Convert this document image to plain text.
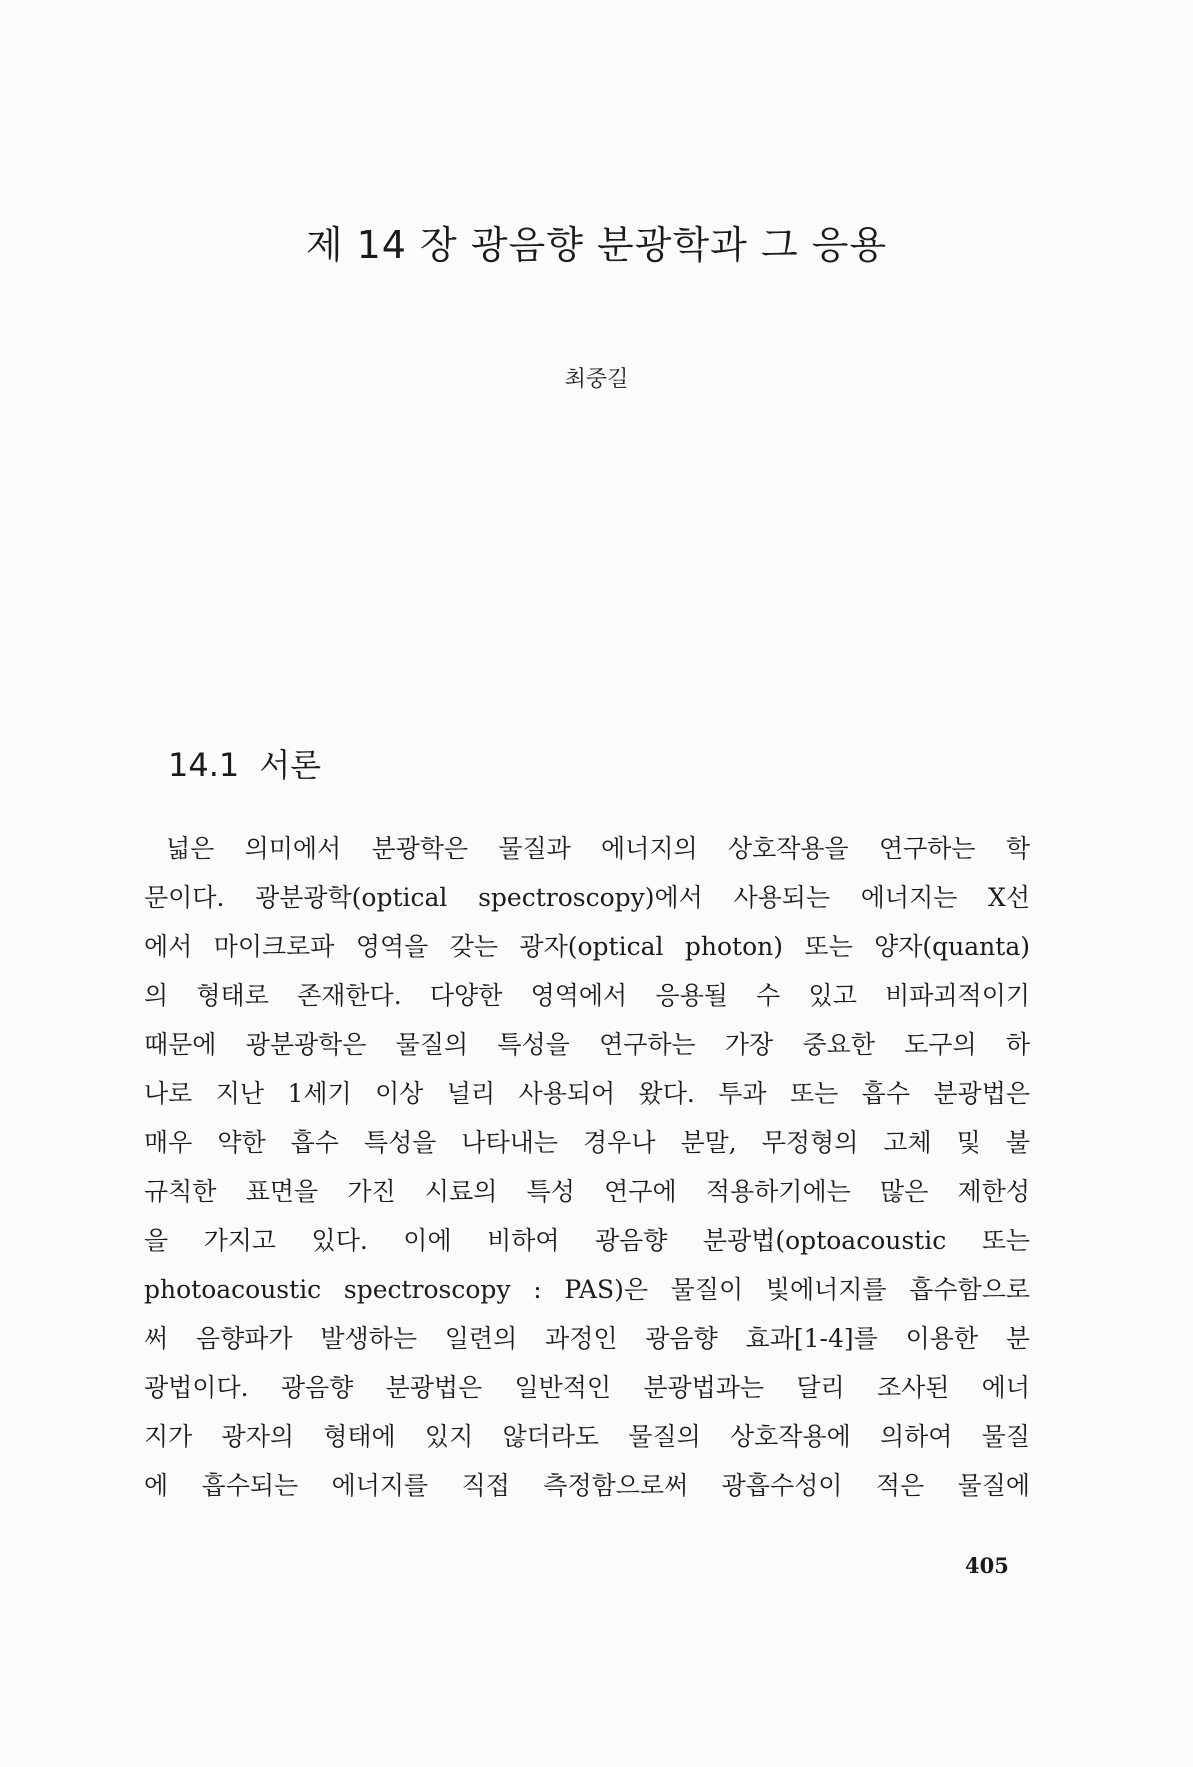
제 14 장 광음향 분광학과 그 응용

최중길

14.1 서론
넓은 의미에서 분광학은 물질과 에너지의 상호작용을 연구하는 학
문이다. 광분광학(optical spectroscopy)에서 사용되는 에너지는 X선
에서 마이크로파 영역을 갖는 광자(optical photon) 또는 양자(quanta)
의 형태로 존재한다. 다양한 영역에서 응용될 수 있고 비파괴적이기
때문에 광분광학은 물질의 특성을 연구하는 가장 중요한 도구의 하
나로 지난 1세기 이상 널리 사용되어 왔다. 투과 또는 흡수 분광법은
매우 약한 흡수 특성을 나타내는 경우나 분말, 무정형의 고체 및 불
규칙한 표면을 가진 시료의 특성 연구에 적용하기에는 많은 제한성
을 가지고 있다. 이에 비하여 광음향 분광법(optoacoustic 또는
photoacoustic spectroscopy : PAS)은 물질이 빛에너지를 흡수함으로
써 음향파가 발생하는 일련의 과정인 광음향 효과[1-4]를 이용한 분
광법이다. 광음향 분광법은 일반적인 분광법과는 달리 조사된 에너
지가 광자의 형태에 있지 않더라도 물질의 상호작용에 의하여 물질
에 흡수되는 에너지를 직접 측정함으로써 광흡수성이 적은 물질에
405
